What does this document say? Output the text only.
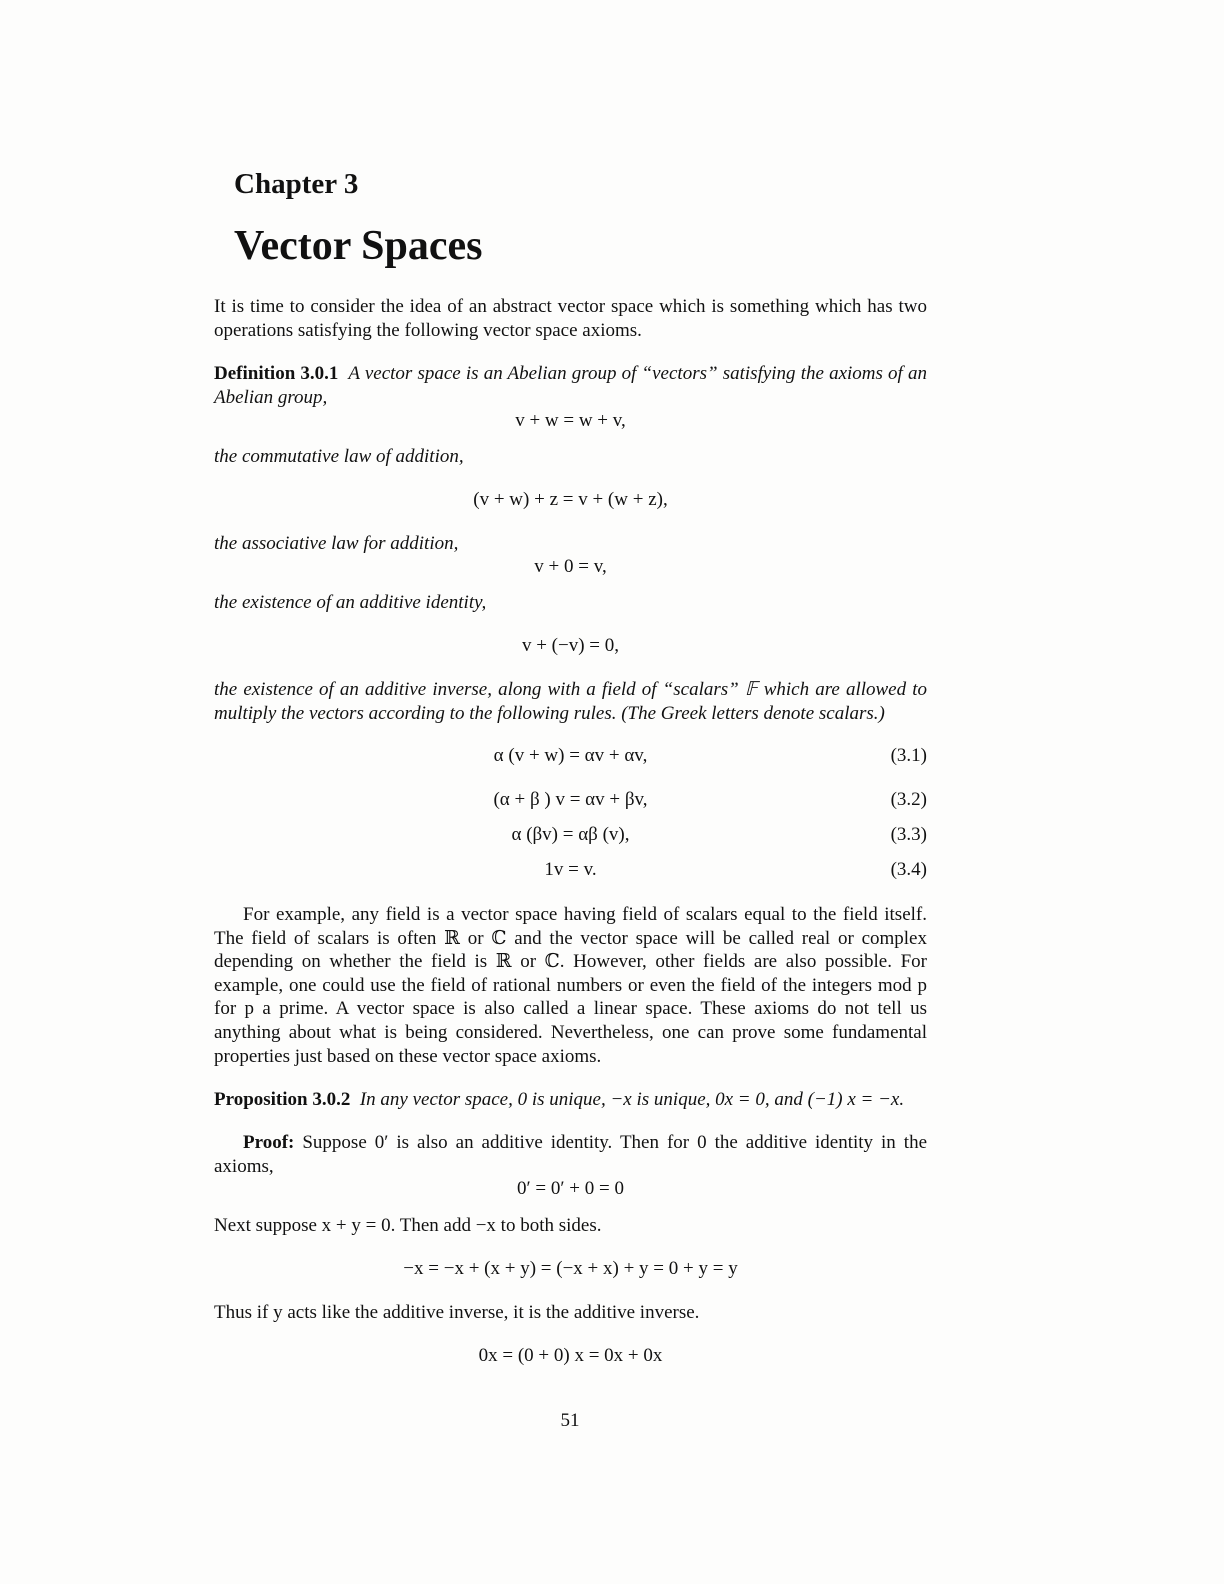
Chapter 3
Vector Spaces
It is time to consider the idea of an abstract vector space which is something which has two operations satisfying the following vector space axioms.
Definition 3.0.1 A vector space is an Abelian group of “vectors” satisfying the axioms of an Abelian group,
v + w = w + v,
the commutative law of addition,
(v + w) + z = v + (w + z),
the associative law for addition,
v + 0 = v,
the existence of an additive identity,
v + (−v) = 0,
the existence of an additive inverse, along with a field of “scalars” 𝔽 which are allowed to multiply the vectors according to the following rules. (The Greek letters denote scalars.)
α (v + w) = αv + αv,	(3.1)
(α + β ) v = αv + βv,	(3.2)
α (βv) = αβ (v),	(3.3)
1v = v.	(3.4)
For example, any field is a vector space having field of scalars equal to the field itself. The field of scalars is often ℝ or ℂ and the vector space will be called real or complex depending on whether the field is ℝ or ℂ. However, other fields are also possible. For example, one could use the field of rational numbers or even the field of the integers mod p for p a prime. A vector space is also called a linear space. These axioms do not tell us anything about what is being considered. Nevertheless, one can prove some fundamental properties just based on these vector space axioms.
Proposition 3.0.2 In any vector space, 0 is unique, −x is unique, 0x = 0, and (−1) x = −x.
Proof: Suppose 0′ is also an additive identity. Then for 0 the additive identity in the axioms,
0′ = 0′ + 0 = 0
Next suppose x + y = 0. Then add −x to both sides.
−x = −x + (x + y) = (−x + x) + y = 0 + y = y
Thus if y acts like the additive inverse, it is the additive inverse.
0x = (0 + 0) x = 0x + 0x
51
